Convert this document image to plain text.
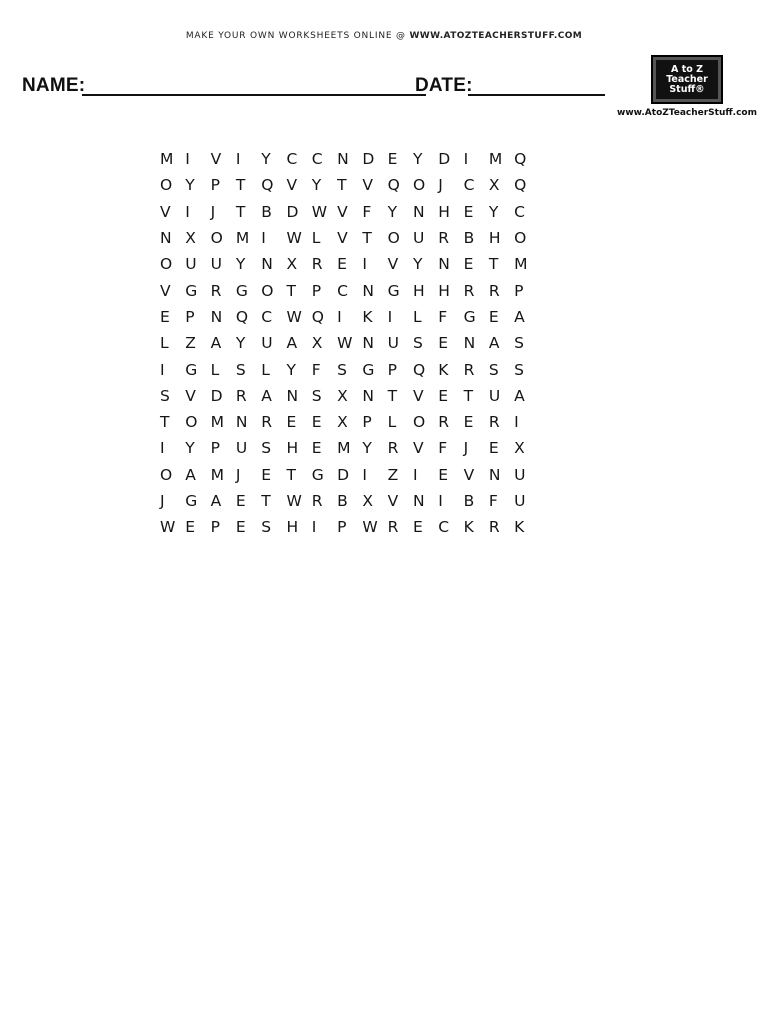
MAKE YOUR OWN WORKSHEETS ONLINE @ WWW.ATOZTEACHERSTUFF.COM
NAME:	DATE:
A to Z
Teacher
Stuff®
www.AtoZTeacherStuff.com
M I	V I	Y	C C N D E	Y	D I	M Q
O Y	P	T	Q V Y	T	V Q O J	C X Q
V I	J	T	B D W V F	Y	N H E	Y	C
N X O M I	W L	V T	O U R B H O
O U U Y	N X R E	I	V Y	N E	T	M
V G R G O T	P	C N G H H R R P
E	P	N Q C W Q I	K I	L	F	G E	A
L	Z A Y	U A X W N U S E	N A S
I	G L	S L	Y	F	S G P	Q K R S S
S V D R A N S X N T	V E	T	U A
T	O M N R E	E	X P	L	O R E	R I
I	Y	P	U S H E	M Y	R V F	J	E	X
O A M J	E	T	G D I	Z I	E	V N U
J	G A E	T	W R B X V N I	B F	U
W E	P	E	S H I	P	W R E	C K R K
